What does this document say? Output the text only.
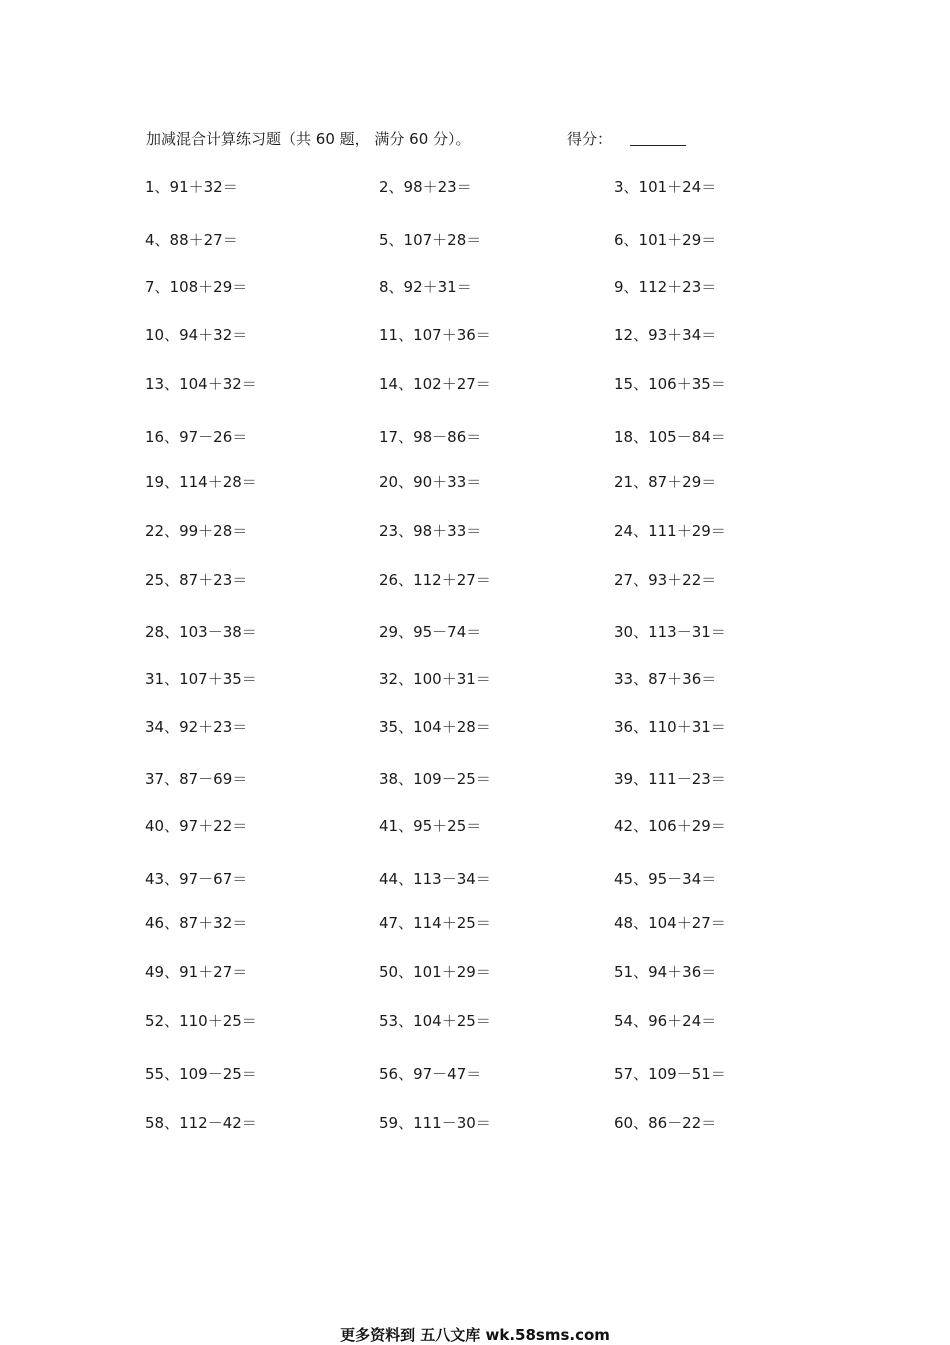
加减混合计算练习题（共 60 题， 满分 60 分）。	得分：
1、91＋32＝	2、98＋23＝	3、101＋24＝
4、88＋27＝	5、107＋28＝	6、101＋29＝
7、108＋29＝	8、92＋31＝	9、112＋23＝
10、94＋32＝	11、107＋36＝	12、93＋34＝
13、104＋32＝	14、102＋27＝	15、106＋35＝
16、97－26＝	17、98－86＝	18、105－84＝
19、114＋28＝	20、90＋33＝	21、87＋29＝
22、99＋28＝	23、98＋33＝	24、111＋29＝
25、87＋23＝	26、112＋27＝	27、93＋22＝
28、103－38＝	29、95－74＝	30、113－31＝
31、107＋35＝	32、100＋31＝	33、87＋36＝
34、92＋23＝	35、104＋28＝	36、110＋31＝
37、87－69＝	38、109－25＝	39、111－23＝
40、97＋22＝	41、95＋25＝	42、106＋29＝
43、97－67＝	44、113－34＝	45、95－34＝
46、87＋32＝	47、114＋25＝	48、104＋27＝
49、91＋27＝	50、101＋29＝	51、94＋36＝
52、110＋25＝	53、104＋25＝	54、96＋24＝
55、109－25＝	56、97－47＝	57、109－51＝
58、112－42＝	59、111－30＝	60、86－22＝
更多资料到 五八文库 wk.58sms.com
